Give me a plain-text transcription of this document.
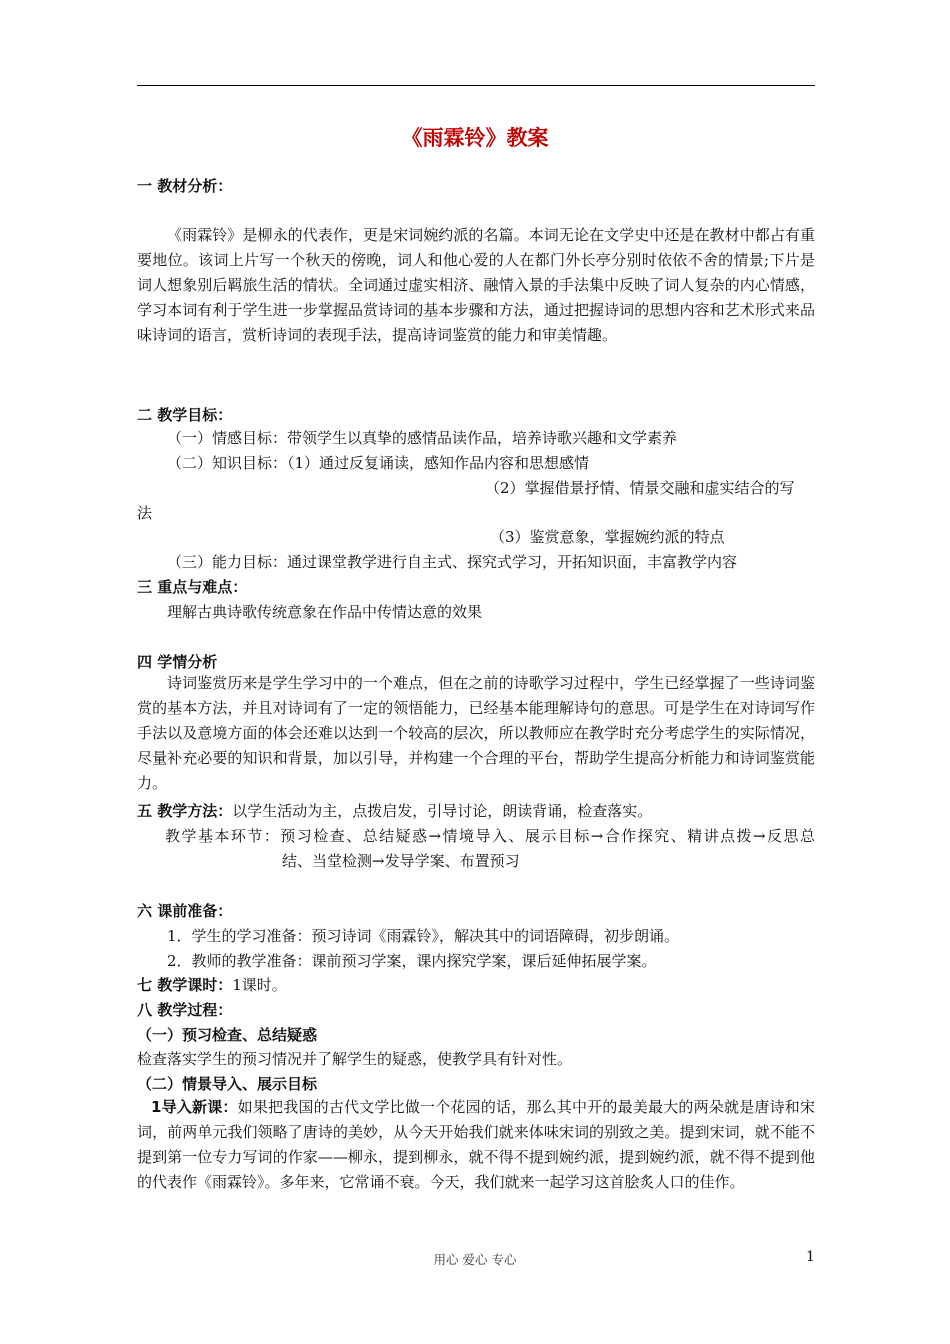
《雨霖铃》教案
一 教材分析：
《雨霖铃》是柳永的代表作，更是宋词婉约派的名篇。本词无论在文学史中还是在教材中都占有重要地位。该词上片写一个秋天的傍晚，词人和他心爱的人在都门外长亭分别时依依不舍的情景;下片是词人想象别后羁旅生活的情状。全词通过虚实相济、融情入景的手法集中反映了词人复杂的内心情感，学习本词有利于学生进一步掌握品赏诗词的基本步骤和方法，通过把握诗词的思想内容和艺术形式来品味诗词的语言，赏析诗词的表现手法，提高诗词鉴赏的能力和审美情趣。
二 教学目标：
（一）情感目标：带领学生以真挚的感情品读作品，培养诗歌兴趣和文学素养
（二）知识目标：（1）通过反复诵读，感知作品内容和思想感情
（2）掌握借景抒情、情景交融和虚实结合的写
法
（3）鉴赏意象，掌握婉约派的特点
（三）能力目标：通过课堂教学进行自主式、探究式学习，开拓知识面，丰富教学内容
三 重点与难点：
理解古典诗歌传统意象在作品中传情达意的效果
四 学情分析
诗词鉴赏历来是学生学习中的一个难点，但在之前的诗歌学习过程中，学生已经掌握了一些诗词鉴赏的基本方法，并且对诗词有了一定的领悟能力，已经基本能理解诗句的意思。可是学生在对诗词写作手法以及意境方面的体会还难以达到一个较高的层次，所以教师应在教学时充分考虑学生的实际情况，尽量补充必要的知识和背景，加以引导，并构建一个合理的平台，帮助学生提高分析能力和诗词鉴赏能力。
五 教学方法：以学生活动为主，点拨启发，引导讨论，朗读背诵，检查落实。
教学基本环节：预习检查、总结疑惑→情境导入、展示目标→合作探究、精讲点拨→反思总
结、当堂检测→发导学案、布置预习
六 课前准备：
1．学生的学习准备：预习诗词《雨霖铃》，解决其中的词语障碍，初步朗诵。
2．教师的教学准备：课前预习学案，课内探究学案，课后延伸拓展学案。
七 教学课时：1课时。
八 教学过程：
（一）预习检查、总结疑惑
检查落实学生的预习情况并了解学生的疑惑，使教学具有针对性。
（二）情景导入、展示目标
1导入新课：如果把我国的古代文学比做一个花园的话，那么其中开的最美最大的两朵就是唐诗和宋词，前两单元我们领略了唐诗的美妙，从今天开始我们就来体味宋词的别致之美。提到宋词，就不能不提到第一位专力写词的作家——柳永，提到柳永，就不得不提到婉约派，提到婉约派，就不得不提到他的代表作《雨霖铃》。多年来，它常诵不衰。今天，我们就来一起学习这首脍炙人口的佳作。
用心 爱心 专心	1
